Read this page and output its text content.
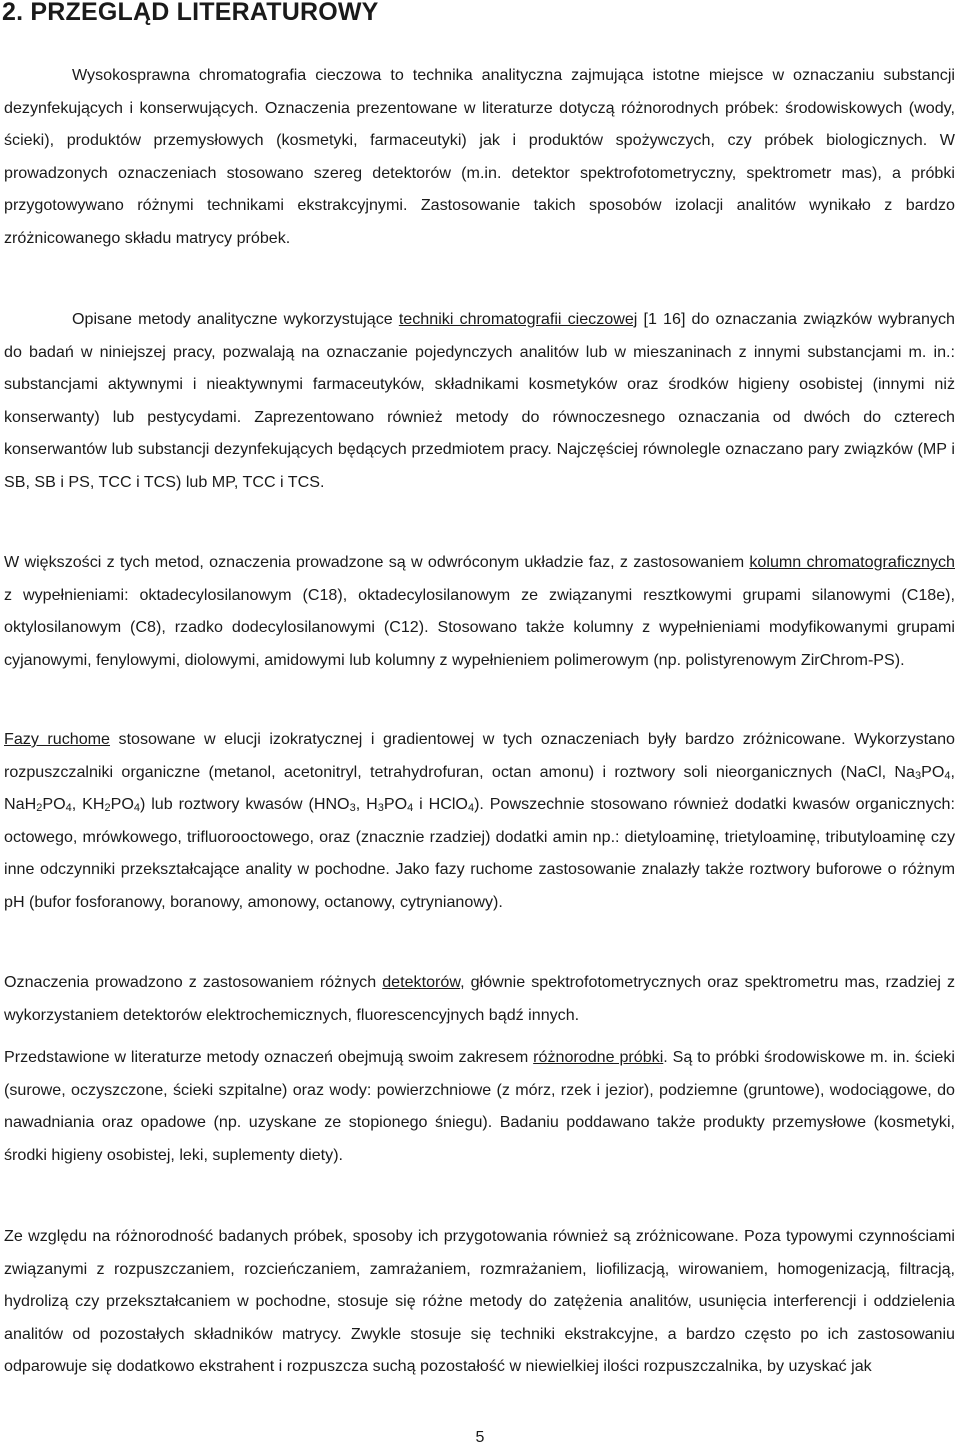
2. PRZEGLĄD LITERATUROWY

Wysokosprawna chromatografia cieczowa to technika analityczna zajmująca istotne miejsce w oznaczaniu substancji dezynfekujących i konserwujących. Oznaczenia prezentowane w literaturze dotyczą różnorodnych próbek: środowiskowych (wody, ścieki), produktów przemysłowych (kosmetyki, farmaceutyki) jak i produktów spożywczych, czy próbek biologicznych. W prowadzonych oznaczeniach stosowano szereg detektorów (m.in. detektor spektrofotometryczny, spektrometr mas), a próbki przygotowywano różnymi technikami ekstrakcyjnymi. Zastosowanie takich sposobów izolacji analitów wynikało z bardzo zróżnicowanego składu matrycy próbek.

Opisane metody analityczne wykorzystujące techniki chromatografii cieczowej [1 16] do oznaczania związków wybranych do badań w niniejszej pracy, pozwalają na oznaczanie pojedynczych analitów lub w mieszaninach z innymi substancjami m. in.: substancjami aktywnymi i nieaktywnymi farmaceutyków, składnikami kosmetyków oraz środków higieny osobistej (innymi niż konserwanty) lub pestycydami. Zaprezentowano również metody do równoczesnego oznaczania od dwóch do czterech konserwantów lub substancji dezynfekujących będących przedmiotem pracy. Najczęściej równolegle oznaczano pary związków (MP i SB, SB i PS, TCC i TCS) lub MP, TCC i TCS.

W większości z tych metod, oznaczenia prowadzone są w odwróconym układzie faz, z zastosowaniem kolumn chromatograficznych z wypełnieniami: oktadecylosilanowym (C18), oktadecylosilanowym ze związanymi resztkowymi grupami silanowymi (C18e), oktylosilanowym (C8), rzadko dodecylosilanowymi (C12). Stosowano także kolumny z wypełnieniami modyfikowanymi grupami cyjanowymi, fenylowymi, diolowymi, amidowymi lub kolumny z wypełnieniem polimerowym (np. polistyrenowym ZirChrom-PS).

Fazy ruchome stosowane w elucji izokratycznej i gradientowej w tych oznaczeniach były bardzo zróżnicowane. Wykorzystano rozpuszczalniki organiczne (metanol, acetonitryl, tetrahydrofuran, octan amonu) i roztwory soli nieorganicznych (NaCl, $Na_3PO_4$, $NaH_2PO_4$, $KH_2PO_4$) lub roztwory kwasów ($HNO_3$, $H_3PO_4$ i HClO$_4$). Powszechnie stosowano również dodatki kwasów organicznych: octowego, mrówkowego, trifluorooctowego, oraz (znacznie rzadziej) dodatki amin np.: dietyloaminę, trietyloaminę, tributyloaminę czy inne odczynniki przekształcające anality w pochodne. Jako fazy ruchome zastosowanie znalazły także roztwory buforowe o różnym pH (bufor fosforanowy, boranowy, amonowy, octanowy, cytrynianowy).

Oznaczenia prowadzono z zastosowaniem różnych detektorów, głównie spektrofotometrycznych oraz spektrometru mas, rzadziej z wykorzystaniem detektorów elektrochemicznych, fluorescencyjnych bądź innych.

Przedstawione w literaturze metody oznaczeń obejmują swoim zakresem różnorodne próbki. Są to próbki środowiskowe m. in. ścieki (surowe, oczyszczone, ścieki szpitalne) oraz wody: powierzchniowe (z mórz, rzek i jezior), podziemne (gruntowe), wodociągowe, do nawadniania oraz opadowe (np. uzyskane ze stopionego śniegu). Badaniu poddawano także produkty przemysłowe (kosmetyki, środki higieny osobistej, leki, suplementy diety).

Ze względu na różnorodność badanych próbek, sposoby ich przygotowania również są zróżnicowane. Poza typowymi czynnościami związanymi z rozpuszczaniem, rozcieńczaniem, zamrażaniem, rozmrażaniem, liofilizacją, wirowaniem, homogenizacją, filtracją, hydrolizą czy przekształcaniem w pochodne, stosuje się różne metody do zatężenia analitów, usunięcia interferencji i oddzielenia analitów od pozostałych składników matrycy. Zwykle stosuje się techniki ekstrakcyjne, a bardzo często po ich zastosowaniu odparowuje się dodatkowo ekstrahent i rozpuszcza suchą pozostałość w niewielkiej ilości rozpuszczalnika, by uzyskać jak

5
